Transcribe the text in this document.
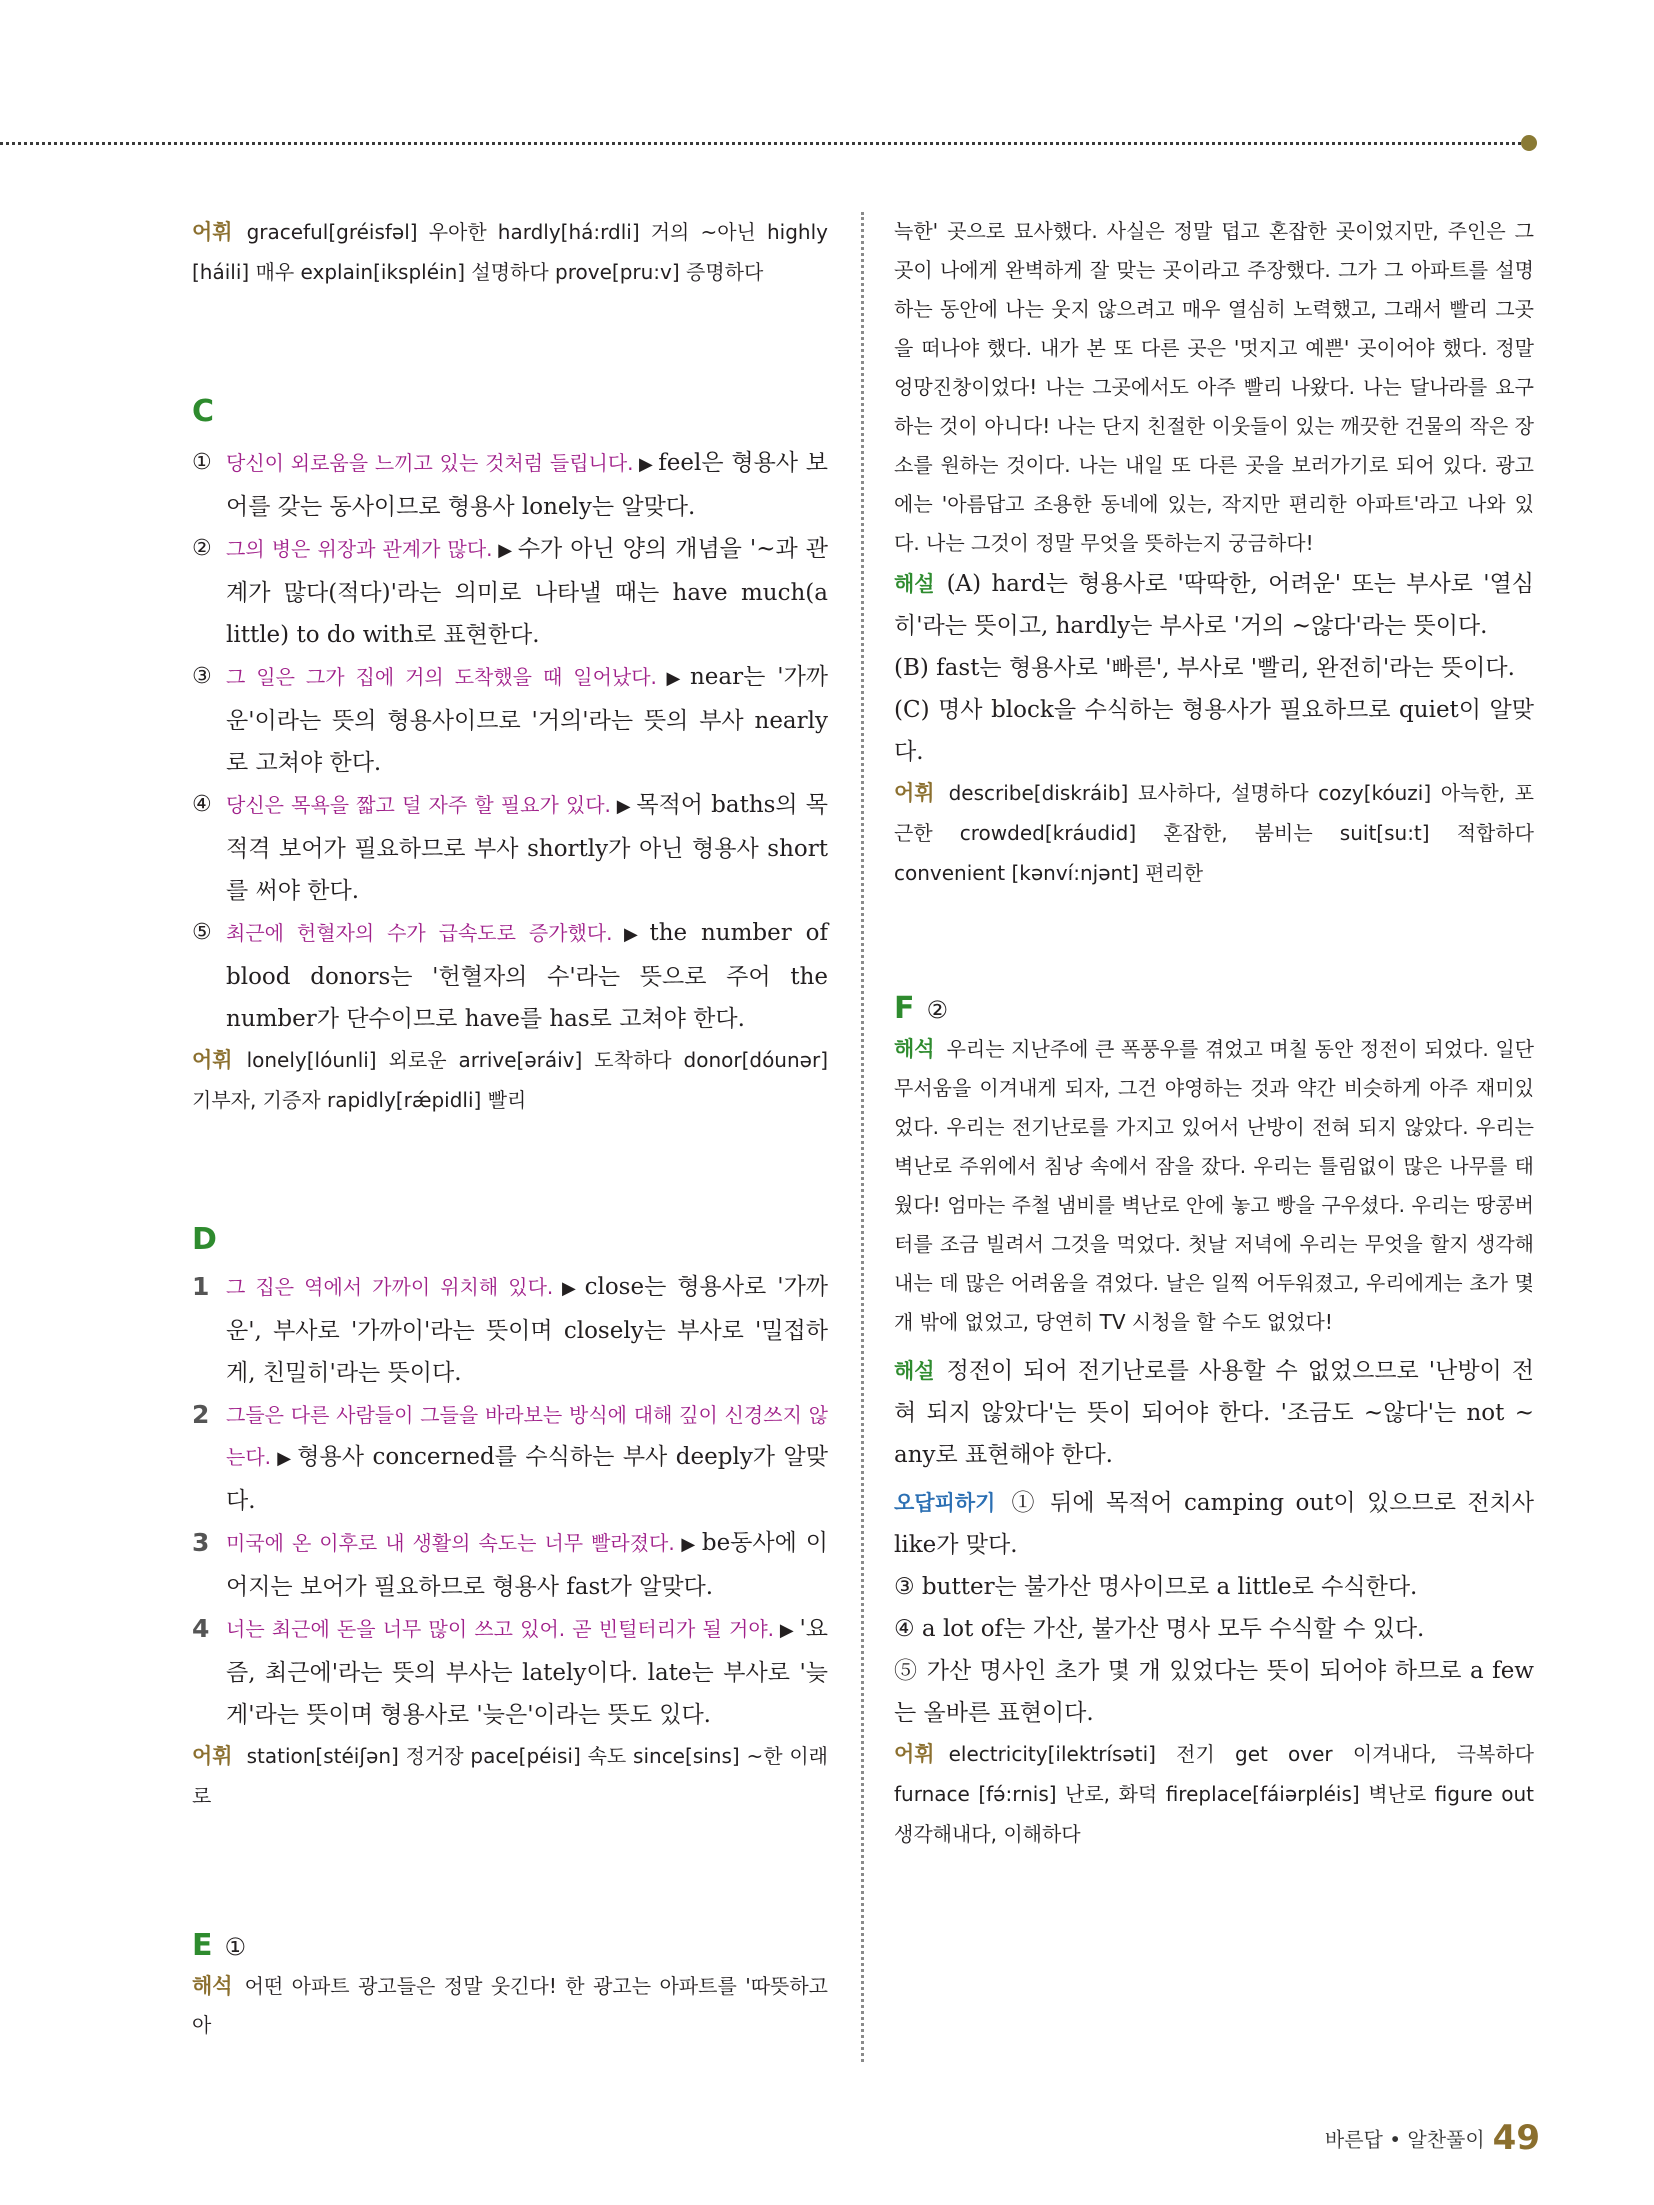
어휘 graceful[gréisfəl] 우아한 hardly[há:rdli] 거의 ~아닌 highly [háili] 매우 explain[ikspléin] 설명하다 prove[pru:v] 증명하다
C
① 당신이 외로움을 느끼고 있는 것처럼 들립니다. ▶ feel은 형용사 보어를 갖는 동사이므로 형용사 lonely는 알맞다.
② 그의 병은 위장과 관계가 많다. ▶ 수가 아닌 양의 개념을 '~과 관계가 많다(적다)'라는 의미로 나타낼 때는 have much(a little) to do with로 표현한다.
③ 그 일은 그가 집에 거의 도착했을 때 일어났다. ▶ near는 '가까운'이라는 뜻의 형용사이므로 '거의'라는 뜻의 부사 nearly로 고쳐야 한다.
④ 당신은 목욕을 짧고 덜 자주 할 필요가 있다. ▶ 목적어 baths의 목적격 보어가 필요하므로 부사 shortly가 아닌 형용사 short를 써야 한다.
⑤ 최근에 헌혈자의 수가 급속도로 증가했다. ▶ the number of blood donors는 '헌혈자의 수'라는 뜻으로 주어 the number가 단수이므로 have를 has로 고쳐야 한다.
어휘 lonely[lóunli] 외로운 arrive[əráiv] 도착하다 donor[dóunər] 기부자, 기증자 rapidly[rǽpidli] 빨리
D
1 그 집은 역에서 가까이 위치해 있다. ▶ close는 형용사로 '가까운', 부사로 '가까이'라는 뜻이며 closely는 부사로 '밀접하게, 친밀히'라는 뜻이다.
2 그들은 다른 사람들이 그들을 바라보는 방식에 대해 깊이 신경쓰지 않는다. ▶ 형용사 concerned를 수식하는 부사 deeply가 알맞다.
3 미국에 온 이후로 내 생활의 속도는 너무 빨라졌다. ▶ be동사에 이어지는 보어가 필요하므로 형용사 fast가 알맞다.
4 너는 최근에 돈을 너무 많이 쓰고 있어. 곧 빈털터리가 될 거야. ▶ '요즘, 최근에'라는 뜻의 부사는 lately이다. late는 부사로 '늦게'라는 뜻이며 형용사로 '늦은'이라는 뜻도 있다.
어휘 station[stéiʃən] 정거장 pace[péisi] 속도 since[sins] ~한 이래로
E ①
해석 어떤 아파트 광고들은 정말 웃긴다! 한 광고는 아파트를 '따뜻하고 아
늑한' 곳으로 묘사했다. 사실은 정말 덥고 혼잡한 곳이었지만, 주인은 그 곳이 나에게 완벽하게 잘 맞는 곳이라고 주장했다. 그가 그 아파트를 설명하는 동안에 나는 웃지 않으려고 매우 열심히 노력했고, 그래서 빨리 그곳을 떠나야 했다. 내가 본 또 다른 곳은 '멋지고 예쁜' 곳이어야 했다. 정말 엉망진창이었다! 나는 그곳에서도 아주 빨리 나왔다. 나는 달나라를 요구하는 것이 아니다! 나는 단지 친절한 이웃들이 있는 깨끗한 건물의 작은 장소를 원하는 것이다. 나는 내일 또 다른 곳을 보러가기로 되어 있다. 광고에는 '아름답고 조용한 동네에 있는, 작지만 편리한 아파트'라고 나와 있다. 나는 그것이 정말 무엇을 뜻하는지 궁금하다!
해설 (A) hard는 형용사로 '딱딱한, 어려운' 또는 부사로 '열심히'라는 뜻이고, hardly는 부사로 '거의 ~않다'라는 뜻이다.
(B) fast는 형용사로 '빠른', 부사로 '빨리, 완전히'라는 뜻이다.
(C) 명사 block을 수식하는 형용사가 필요하므로 quiet이 알맞다.
어휘 describe[diskráib] 묘사하다, 설명하다 cozy[kóuzi] 아늑한, 포근한 crowded[kráudid] 혼잡한, 붐비는 suit[su:t] 적합하다 convenient [kənví:njənt] 편리한
F ②
해석 우리는 지난주에 큰 폭풍우를 겪었고 며칠 동안 정전이 되었다. 일단 무서움을 이겨내게 되자, 그건 야영하는 것과 약간 비슷하게 아주 재미있었다. 우리는 전기난로를 가지고 있어서 난방이 전혀 되지 않았다. 우리는 벽난로 주위에서 침낭 속에서 잠을 잤다. 우리는 틀림없이 많은 나무를 태웠다! 엄마는 주철 냄비를 벽난로 안에 놓고 빵을 구우셨다. 우리는 땅콩버터를 조금 빌려서 그것을 먹었다. 첫날 저녁에 우리는 무엇을 할지 생각해내는 데 많은 어려움을 겪었다. 날은 일찍 어두워졌고, 우리에게는 초가 몇 개 밖에 없었고, 당연히 TV 시청을 할 수도 없었다!
해설 정전이 되어 전기난로를 사용할 수 없었으므로 '난방이 전혀 되지 않았다'는 뜻이 되어야 한다. '조금도 ~않다'는 not ~ any로 표현해야 한다.
오답피하기 ① 뒤에 목적어 camping out이 있으므로 전치사 like가 맞다.
③ butter는 불가산 명사이므로 a little로 수식한다.
④ a lot of는 가산, 불가산 명사 모두 수식할 수 있다.
⑤ 가산 명사인 초가 몇 개 있었다는 뜻이 되어야 하므로 a few는 올바른 표현이다.
어휘 electricity[ilektrísəti] 전기 get over 이겨내다, 극복하다 furnace [fə́:rnis] 난로, 화덕 fireplace[fáiərpléis] 벽난로 figure out 생각해내다, 이해하다
바른답 • 알찬풀이 49
